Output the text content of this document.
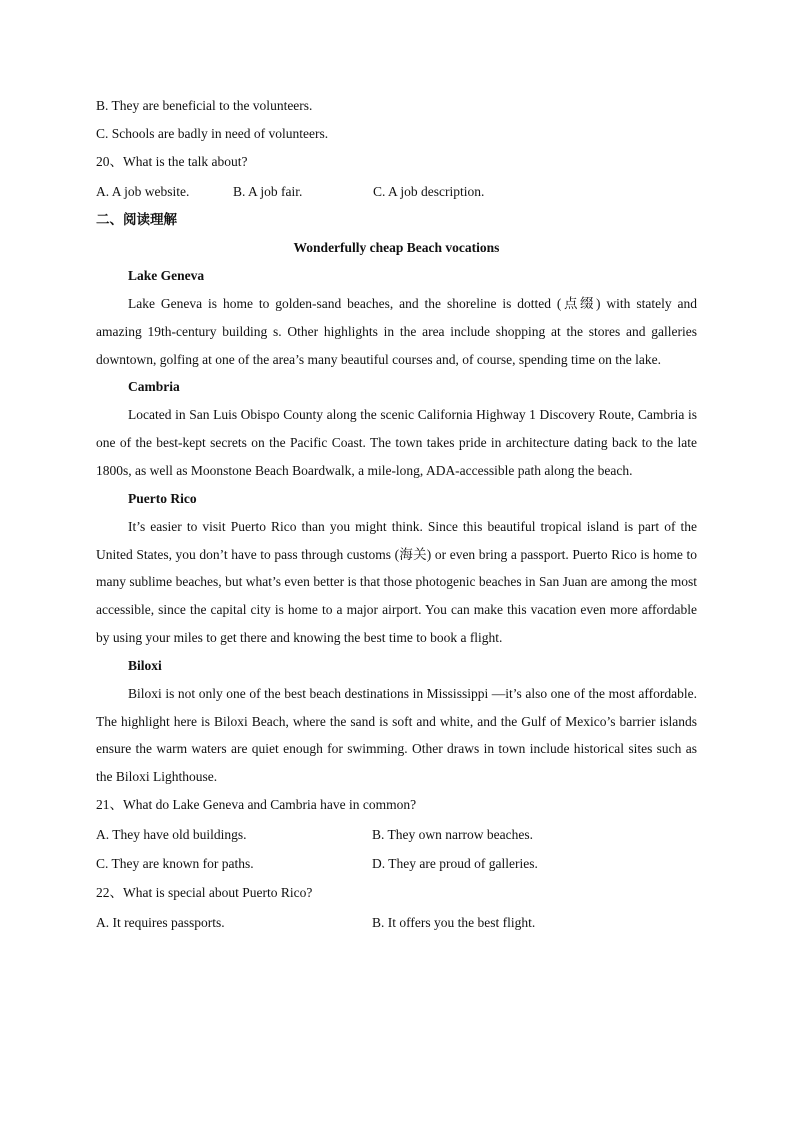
B. They are beneficial to the volunteers.
C. Schools are badly in need of volunteers.
20、What is the talk about?
A. A job website.	B. A job fair.	C. A job description.
二、阅读理解
Wonderfully cheap Beach vocations
Lake Geneva
Lake Geneva is home to golden-sand beaches, and the shoreline is dotted (点缀) with stately and amazing 19th-century building s. Other highlights in the area include shopping at the stores and galleries downtown, golfing at one of the area’s many beautiful courses and, of course, spending time on the lake.
Cambria
Located in San Luis Obispo County along the scenic California Highway 1 Discovery Route, Cambria is one of the best-kept secrets on the Pacific Coast. The town takes pride in architecture dating back to the late 1800s, as well as Moonstone Beach Boardwalk, a mile-long, ADA-accessible path along the beach.
Puerto Rico
It’s easier to visit Puerto Rico than you might think. Since this beautiful tropical island is part of the United States, you don’t have to pass through customs (海关) or even bring a passport. Puerto Rico is home to many sublime beaches, but what’s even better is that those photogenic beaches in San Juan are among the most accessible, since the capital city is home to a major airport. You can make this vacation even more affordable by using your miles to get there and knowing the best time to book a flight.
Biloxi
Biloxi is not only one of the best beach destinations in Mississippi —it’s also one of the most affordable. The highlight here is Biloxi Beach, where the sand is soft and white, and the Gulf of Mexico’s barrier islands ensure the warm waters are quiet enough for swimming. Other draws in town include historical sites such as the Biloxi Lighthouse.
21、What do Lake Geneva and Cambria have in common?
A. They have old buildings.	B. They own narrow beaches.
C. They are known for paths.	D. They are proud of galleries.
22、What is special about Puerto Rico?
A. It requires passports.	B. It offers you the best flight.
